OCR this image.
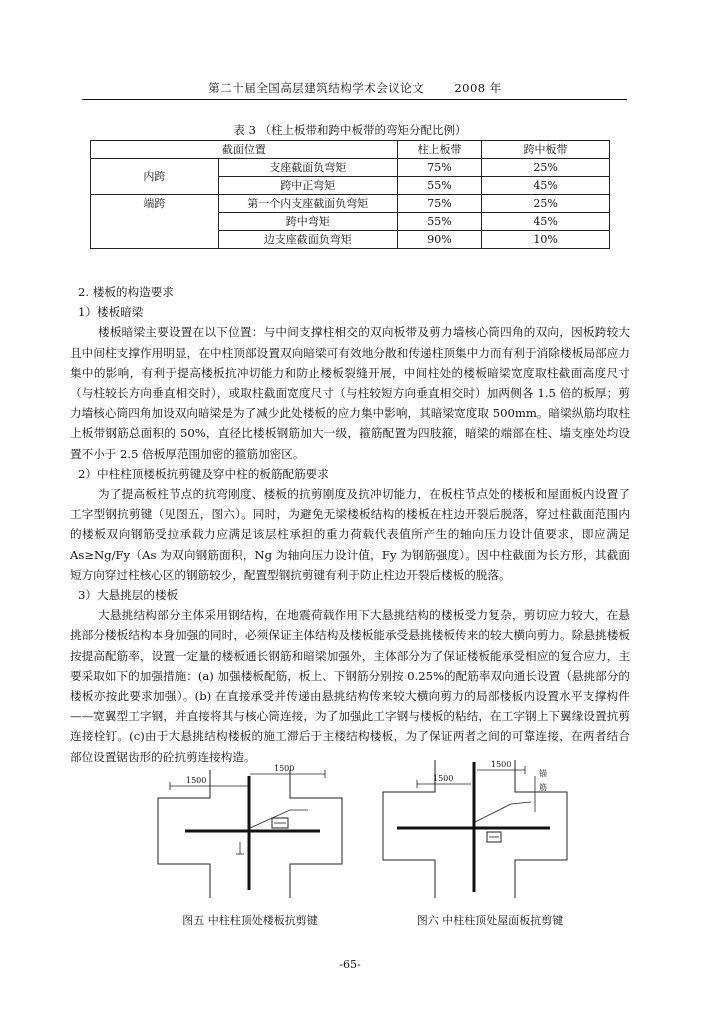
第二十届全国高层建筑结构学术会议论文	2008 年
表 3 （柱上板带和跨中板带的弯矩分配比例）
截面位置		柱上板带	跨中板带
内跨	支座截面负弯矩	75%	25%
	跨中正弯矩	55%	45%
端跨	第一个内支座截面负弯矩	75%	25%
	跨中弯矩	55%	45%
	边支座截面负弯矩	90%	10%

2. 楼板的构造要求

1）楼板暗梁

楼板暗梁主要设置在以下位置：与中间支撑柱相交的双向板带及剪力墙核心筒四角的双向，因板跨较大且中间柱支撑作用明显，在中柱顶部设置双向暗梁可有效地分散和传递柱顶集中力而有利于消除楼板局部应力集中的影响，有利于提高楼板抗冲切能力和防止楼板裂缝开展，中间柱处的楼板暗梁宽度取柱截面高度尺寸（与柱较长方向垂直相交时），或取柱截面宽度尺寸（与柱较短方向垂直相交时）加两侧各 1.5 倍的板厚；剪力墙核心筒四角加设双向暗梁是为了减少此处楼板的应力集中影响，其暗梁宽度取 500mm。暗梁纵筋均取柱上板带钢筋总面积的 50%，直径比楼板钢筋加大一级，箍筋配置为四肢箍，暗梁的端部在柱、墙支座处均设置不小于 2.5 倍板厚范围加密的箍筋加密区。

2）中柱柱顶楼板抗剪键及穿中柱的板筋配筋要求

为了提高板柱节点的抗弯刚度、楼板的抗剪刚度及抗冲切能力，在板柱节点处的楼板和屋面板内设置了工字型钢抗剪键（见图五，图六）。同时，为避免无梁楼板结构的楼板在柱边开裂后脱落，穿过柱截面范围内的楼板双向钢筋受拉承载力应满足该层柱承担的重力荷载代表值所产生的轴向压力设计值要求，即应满足 As≥Ng/Fy（As 为双向钢筋面积，Ng 为轴向压力设计值，Fy 为钢筋强度）。因中柱截面为长方形，其截面短方向穿过柱核心区的钢筋较少，配置型钢抗剪键有利于防止柱边开裂后楼板的脱落。

3）大悬挑层的楼板

大悬挑结构部分主体采用钢结构，在地震荷载作用下大悬挑结构的楼板受力复杂，剪切应力较大，在悬挑部分楼板结构本身加强的同时，必须保证主体结构及楼板能承受悬挑楼板传来的较大横向剪力。除悬挑楼板按提高配筋率，设置一定量的楼板通长钢筋和暗梁加强外，主体部分为了保证楼板能承受相应的复合应力，主要采取如下的加强措施：(a) 加强楼板配筋，板上、下钢筋分别按 0.25%的配筋率双向通长设置（悬挑部分的楼板亦按此要求加强）。(b) 在直接承受并传递由悬挑结构传来较大横向剪力的局部楼板内设置水平支撑构件——宽翼型工字钢，并直接将其与核心筒连接，为了加强此工字钢与楼板的粘结，在工字钢上下翼缘设置抗剪连接栓钉。(c)由于大悬挑结构楼板的施工滞后于主楼结构楼板，为了保证两者之间的可靠连接，在两者结合部位设置锯齿形的砼抗剪连接构造。

1500
1500
图五 中柱柱顶处楼板抗剪键
1500
1500
锚
筋
图六 中柱柱顶处屋面板抗剪键
-65-
